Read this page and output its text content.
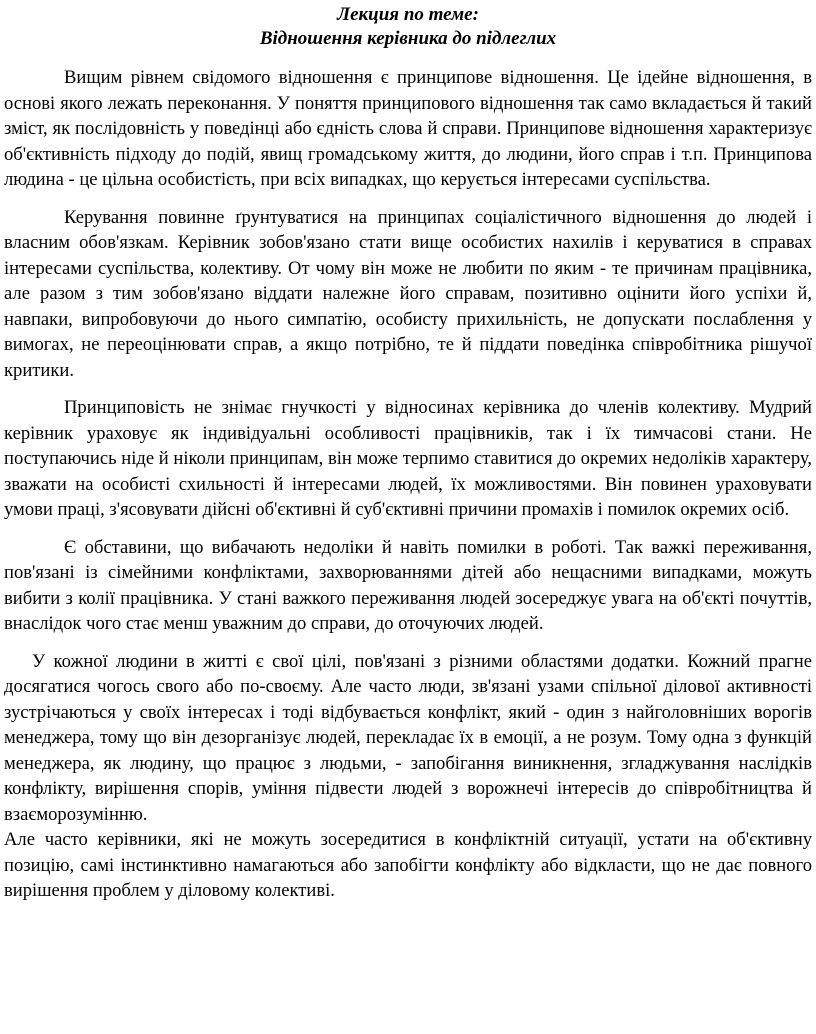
Лекция по теме:

Відношення керівника до підлеглих

Вищим рівнем свідомого відношення є принципове відношення. Це ідейне відношення, в основі якого лежать переконання. У поняття принципового відношення так само вкладається й такий зміст, як послідовність у поведінці або єдність слова й справи. Принципове відношення характеризує об'єктивність підходу до подій, явищ громадському життя, до людини, його справ і т.п. Принципова людина - це цільна особистість, при всіх випадках, що керується інтересами суспільства.

Керування повинне ґрунтуватися на принципах соціалістичного відношення до людей і власним обов'язкам. Керівник зобов'язано стати вище особистих нахилів і керуватися в справах інтересами суспільства, колективу. От чому він може не любити по яким - те причинам працівника, але разом з тим зобов'язано віддати належне його справам, позитивно оцінити його успіхи й, навпаки, випробовуючи до нього симпатію, особисту прихильність, не допускати послаблення у вимогах, не переоцінювати справ, а якщо потрібно, те й піддати поведінка співробітника рішучої критики.

Принциповість не знімає гнучкості у відносинах керівника до членів колективу. Мудрий керівник ураховує як індивідуальні особливості працівників, так і їх тимчасові стани. Не поступаючись ніде й ніколи принципам, він може терпимо ставитися до окремих недоліків характеру, зважати на особисті схильності й інтересами людей, їх можливостями. Він повинен ураховувати умови праці, з'ясовувати дійсні об'єктивні й суб'єктивні причини промахів і помилок окремих осіб.

Є обставини, що вибачають недоліки й навіть помилки в роботі. Так важкі переживання, пов'язані із сімейними конфліктами, захворюваннями дітей або нещасними випадками, можуть вибити з колії працівника. У стані важкого переживання людей зосереджує увага на об'єкті почуттів, внаслідок чого стає менш уважним до справи, до оточуючих людей.

У кожної людини в житті є свої цілі, пов'язані з різними областями додатки. Кожний прагне досягатися чогось свого або по-своєму. Але часто люди, зв'язані узами спільної ділової активності зустрічаються у своїх інтересах і тоді відбувається конфлікт, який - один з найголовніших ворогів менеджера, тому що він дезорганізує людей, перекладає їх в емоції, а не розум. Тому одна з функцій менеджера, як людину, що працює з людьми, - запобігання виникнення, згладжування наслідків конфлікту, вирішення спорів, уміння підвести людей з ворожнечі інтересів до співробітництва й взаєморозумінню.

Але часто керівники, які не можуть зосередитися в конфліктній ситуації, устати на об'єктивну позицію, самі інстинктивно намагаються або запобігти конфлікту або відкласти, що не дає повного вирішення проблем у діловому колективі.
